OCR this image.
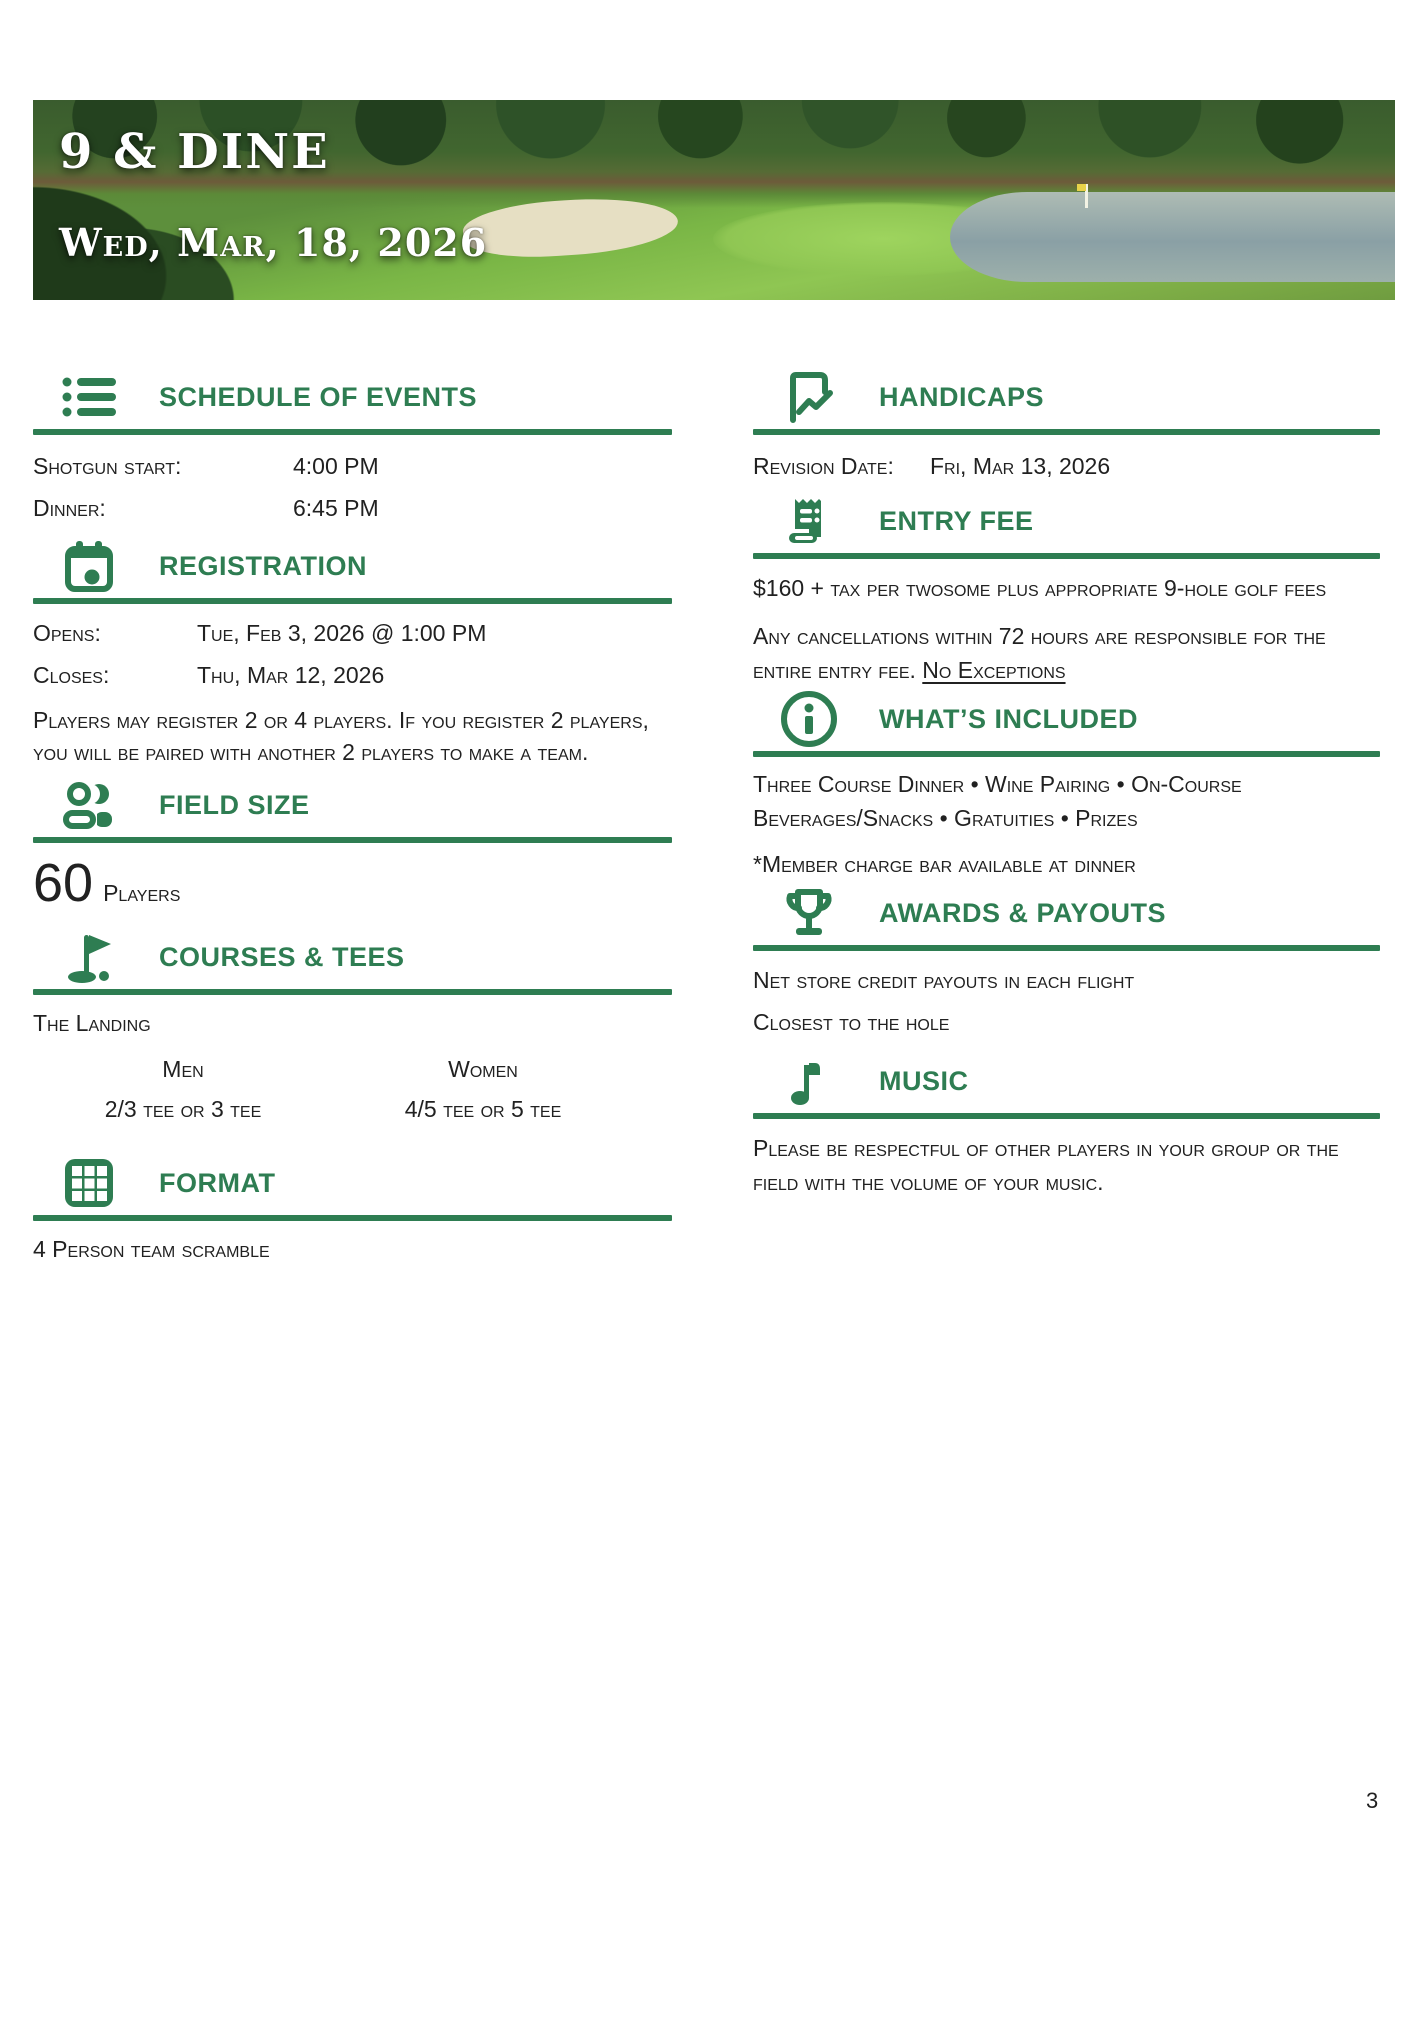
9 & DINE
Wed, Mar, 18, 2026
SCHEDULE OF EVENTS
Shotgun start:	4:00 PM
Dinner:	6:45 PM
REGISTRATION
Opens:	Tue, Feb 3, 2026 @ 1:00 PM
Closes:	Thu, Mar 12, 2026

Players may register 2 or 4 players. If you register 2 players, you will be paired with another 2 players to make a team.

FIELD SIZE
60 Players
COURSES & TEES

The Landing

Men
2/3 tee or 3 tee
Women
4/5 tee or 5 tee
FORMAT

4 Person team scramble

HANDICAPS
Revision Date:	Fri, Mar 13, 2026
ENTRY FEE

$160 + tax per twosome plus appropriate 9-hole golf fees

Any cancellations within 72 hours are responsible for the entire entry fee. No Exceptions

WHAT’S INCLUDED

Three Course Dinner • Wine Pairing • On-Course Beverages/Snacks • Gratuities • Prizes

*Member charge bar available at dinner

AWARDS & PAYOUTS

Net store credit payouts in each flight

Closest to the hole

MUSIC

Please be respectful of other players in your group or the field with the volume of your music.

3
